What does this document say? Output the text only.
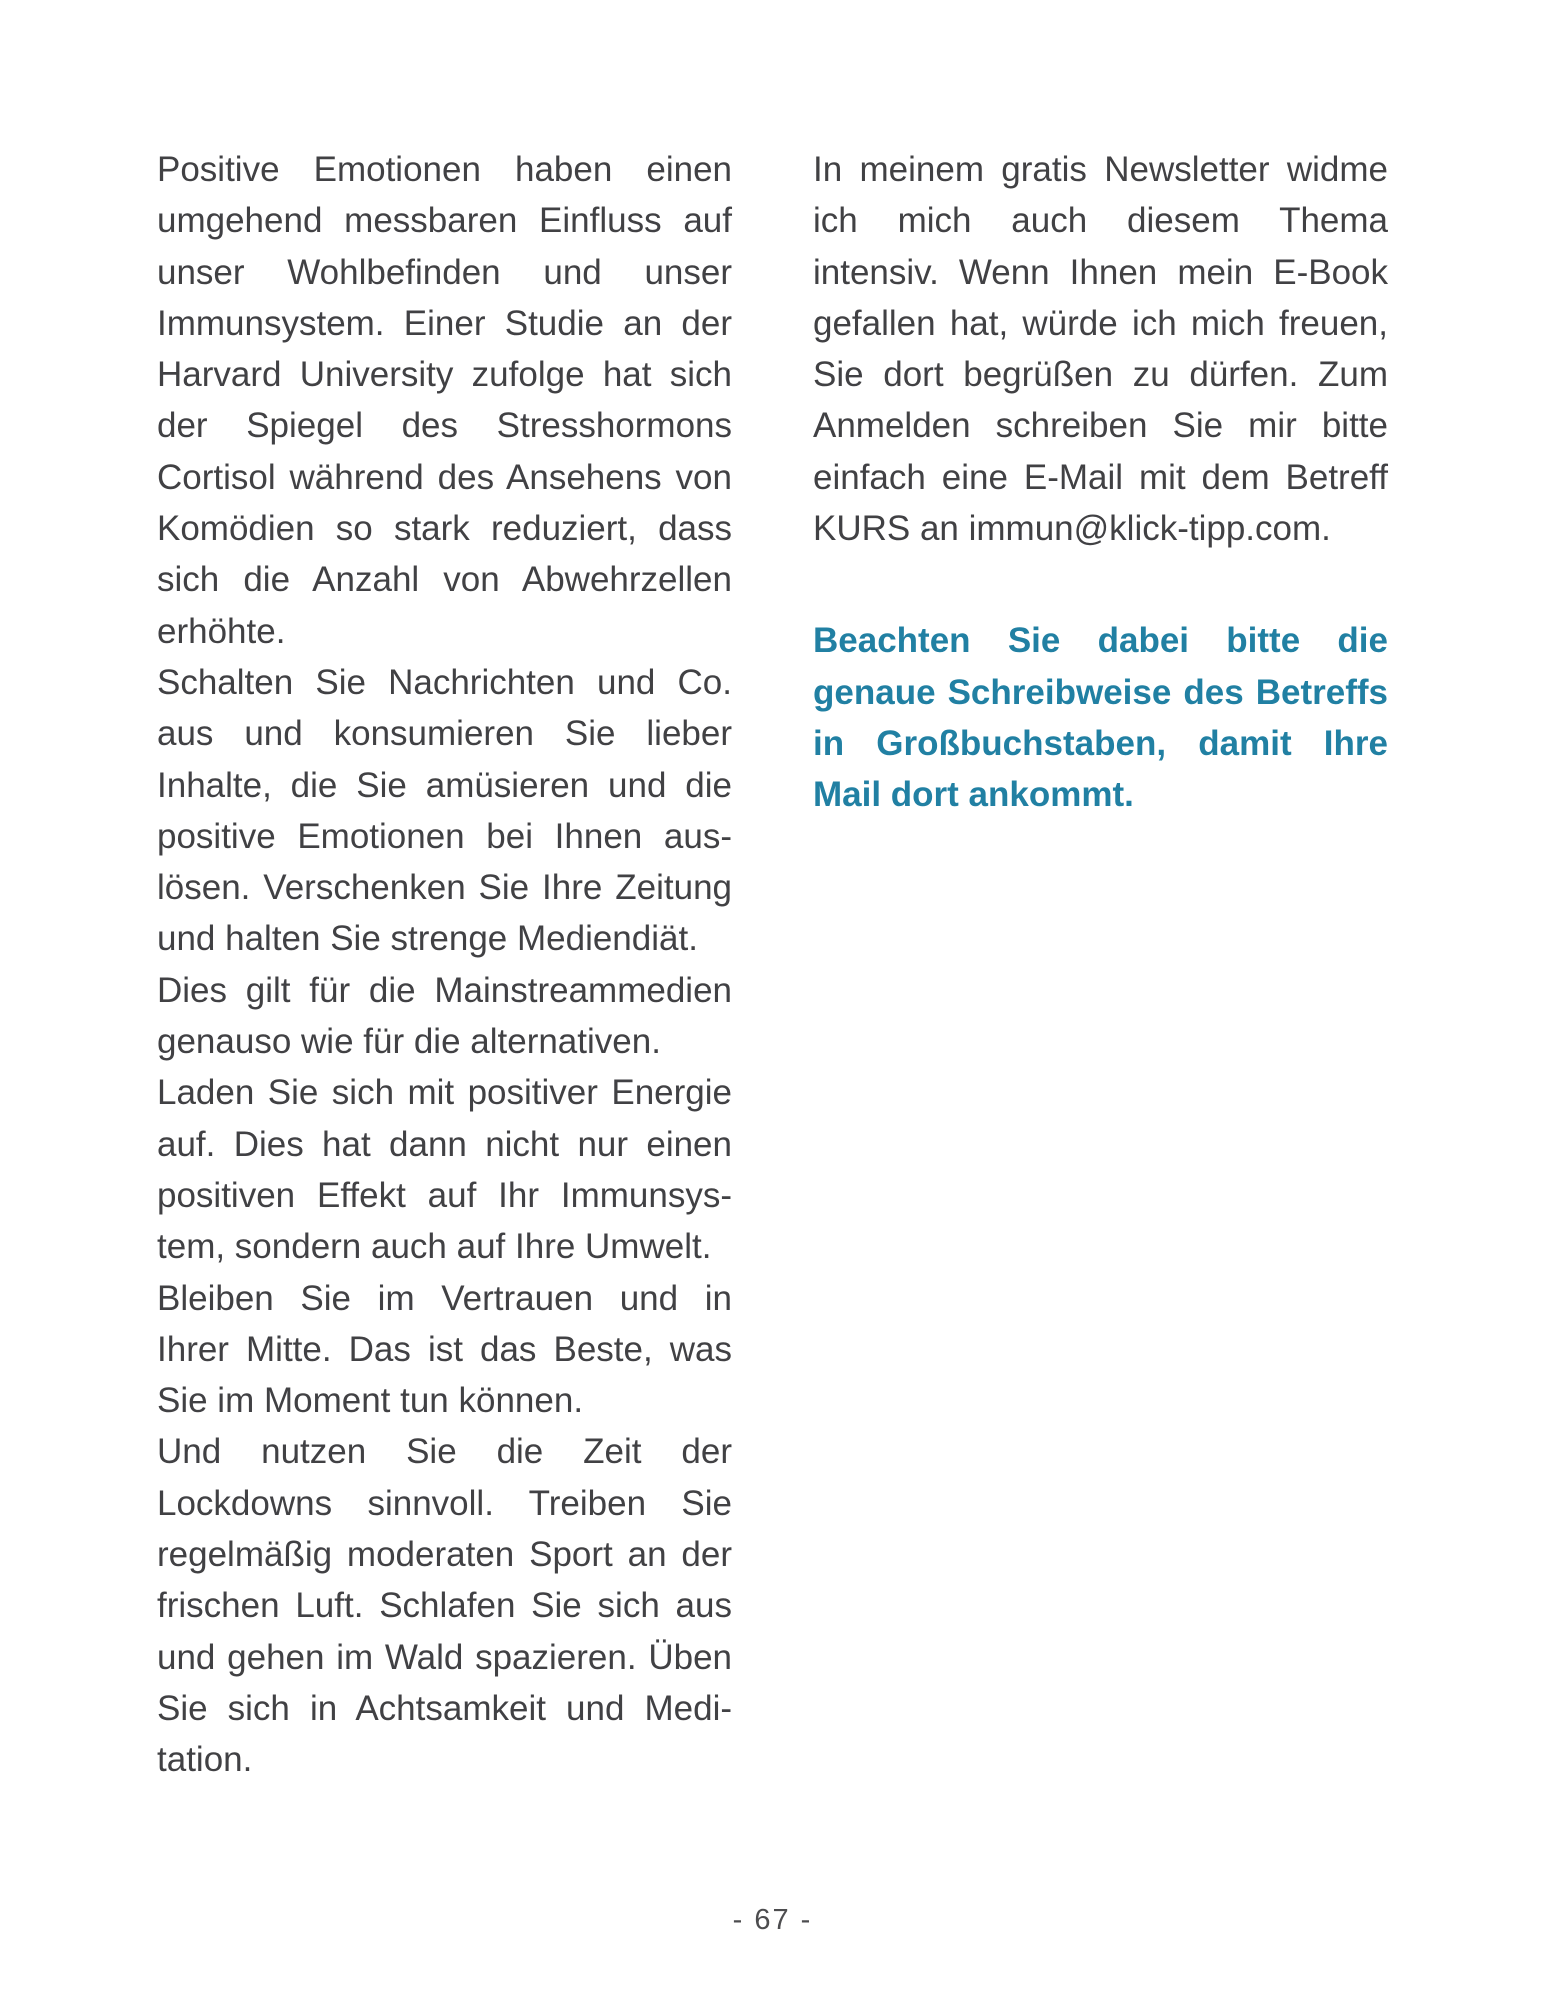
Positive Emotionen haben einen
umgehend messbaren Einfluss auf
unser Wohlbefinden und unser
Immunsystem. Einer Studie an der
Harvard University zufolge hat sich
der Spiegel des Stresshormons
Cortisol während des Ansehens von
Komödien so stark reduziert, dass
sich die Anzahl von Abwehrzellen
erhöhte.
Schalten Sie Nachrichten und Co.
aus und konsumieren Sie lieber
Inhalte, die Sie amüsieren und die
positive Emotionen bei Ihnen aus-
lösen. Verschenken Sie Ihre Zeitung
und halten Sie strenge Mediendiät.
Dies gilt für die Mainstreammedien
genauso wie für die alternativen.
Laden Sie sich mit positiver Energie
auf. Dies hat dann nicht nur einen
positiven Effekt auf Ihr Immunsys-
tem, sondern auch auf Ihre Umwelt.
Bleiben Sie im Vertrauen und in
Ihrer Mitte. Das ist das Beste, was
Sie im Moment tun können.
Und nutzen Sie die Zeit der
Lockdowns sinnvoll. Treiben Sie
regelmäßig moderaten Sport an der
frischen Luft. Schlafen Sie sich aus
und gehen im Wald spazieren. Üben
Sie sich in Achtsamkeit und Medi-
tation.
In meinem gratis Newsletter widme
ich mich auch diesem Thema
intensiv. Wenn Ihnen mein E-Book
gefallen hat, würde ich mich freuen,
Sie dort begrüßen zu dürfen. Zum
Anmelden schreiben Sie mir bitte
einfach eine E-Mail mit dem Betreff
KURS an immun@klick-tipp.com.
Beachten Sie dabei bitte die
genaue Schreibweise des Betreffs
in Großbuchstaben, damit Ihre
Mail dort ankommt.
- 67 -
